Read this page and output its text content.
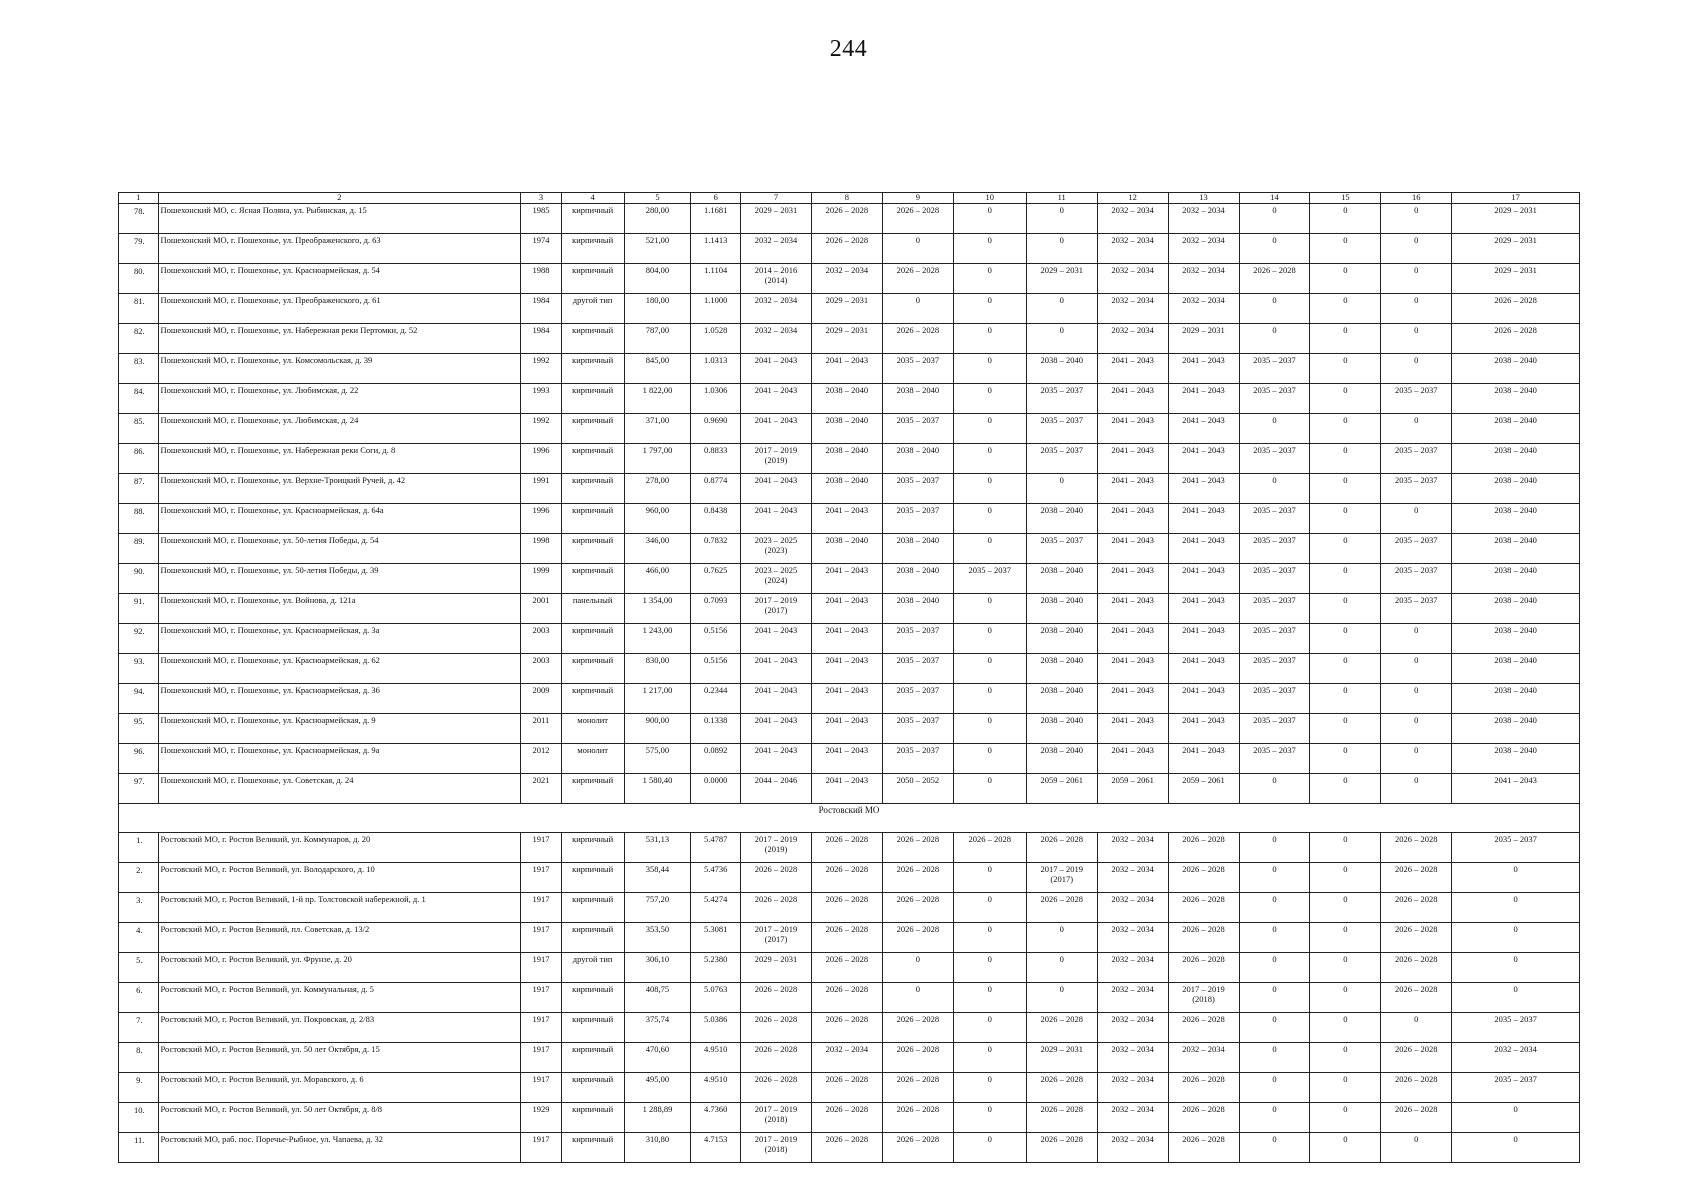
244
1	2	3	4	5	6	7	8	9	10	11	12	13	14	15	16	17
78.	Пошехонский МО, с. Ясная Поляна, ул. Рыбинская, д. 15	1985	кирпичный	280,00	1.1681	2029 – 2031	2026 – 2028	2026 – 2028	0	0	2032 – 2034	2032 – 2034	0	0	0	2029 – 2031
79.	Пошехонский МО, г. Пошехонье, ул. Преображенского, д. 63	1974	кирпичный	521,00	1.1413	2032 – 2034	2026 – 2028	0	0	0	2032 – 2034	2032 – 2034	0	0	0	2029 – 2031
80.	Пошехонский МО, г. Пошехонье, ул. Красноармейская, д. 54	1988	кирпичный	804,00	1.1104	2014 – 2016
(2014)	2032 – 2034	2026 – 2028	0	2029 – 2031	2032 – 2034	2032 – 2034	2026 – 2028	0	0	2029 – 2031
81.	Пошехонский МО, г. Пошехонье, ул. Преображенского, д. 61	1984	другой тип	180,00	1.1000	2032 – 2034	2029 – 2031	0	0	0	2032 – 2034	2032 – 2034	0	0	0	2026 – 2028
82.	Пошехонский МО, г. Пошехонье, ул. Набережная реки Пертомки, д. 52	1984	кирпичный	787,00	1.0528	2032 – 2034	2029 – 2031	2026 – 2028	0	0	2032 – 2034	2029 – 2031	0	0	0	2026 – 2028
83.	Пошехонский МО, г. Пошехонье, ул. Комсомольская, д. 39	1992	кирпичный	845,00	1.0313	2041 – 2043	2041 – 2043	2035 – 2037	0	2038 – 2040	2041 – 2043	2041 – 2043	2035 – 2037	0	0	2038 – 2040
84.	Пошехонский МО, г. Пошехонье, ул. Любимская, д. 22	1993	кирпичный	1 822,00	1.0306	2041 – 2043	2038 – 2040	2038 – 2040	0	2035 – 2037	2041 – 2043	2041 – 2043	2035 – 2037	0	2035 – 2037	2038 – 2040
85.	Пошехонский МО, г. Пошехонье, ул. Любимская, д. 24	1992	кирпичный	371,00	0.9690	2041 – 2043	2038 – 2040	2035 – 2037	0	2035 – 2037	2041 – 2043	2041 – 2043	0	0	0	2038 – 2040
86.	Пошехонский МО, г. Пошехонье, ул. Набережная реки Соги, д. 8	1996	кирпичный	1 797,00	0.8833	2017 – 2019
(2019)	2038 – 2040	2038 – 2040	0	2035 – 2037	2041 – 2043	2041 – 2043	2035 – 2037	0	2035 – 2037	2038 – 2040
87.	Пошехонский МО, г. Пошехонье, ул. Верхне-Троицкий Ручей, д. 42	1991	кирпичный	278,00	0.8774	2041 – 2043	2038 – 2040	2035 – 2037	0	0	2041 – 2043	2041 – 2043	0	0	2035 – 2037	2038 – 2040
88.	Пошехонский МО, г. Пошехонье, ул. Красноармейская, д. 64а	1996	кирпичный	960,00	0.8438	2041 – 2043	2041 – 2043	2035 – 2037	0	2038 – 2040	2041 – 2043	2041 – 2043	2035 – 2037	0	0	2038 – 2040
89.	Пошехонский МО, г. Пошехонье, ул. 50-летия Победы, д. 54	1998	кирпичный	346,00	0.7832	2023 – 2025
(2023)	2038 – 2040	2038 – 2040	0	2035 – 2037	2041 – 2043	2041 – 2043	2035 – 2037	0	2035 – 2037	2038 – 2040
90.	Пошехонский МО, г. Пошехонье, ул. 50-летия Победы, д. 39	1999	кирпичный	466,00	0.7625	2023 – 2025
(2024)	2041 – 2043	2038 – 2040	2035 – 2037	2038 – 2040	2041 – 2043	2041 – 2043	2035 – 2037	0	2035 – 2037	2038 – 2040
91.	Пошехонский МО, г. Пошехонье, ул. Войнова, д. 121а	2001	панельный	1 354,00	0.7093	2017 – 2019
(2017)	2041 – 2043	2038 – 2040	0	2038 – 2040	2041 – 2043	2041 – 2043	2035 – 2037	0	2035 – 2037	2038 – 2040
92.	Пошехонский МО, г. Пошехонье, ул. Красноармейская, д. 3а	2003	кирпичный	1 243,00	0.5156	2041 – 2043	2041 – 2043	2035 – 2037	0	2038 – 2040	2041 – 2043	2041 – 2043	2035 – 2037	0	0	2038 – 2040
93.	Пошехонский МО, г. Пошехонье, ул. Красноармейская, д. 62	2003	кирпичный	830,00	0.5156	2041 – 2043	2041 – 2043	2035 – 2037	0	2038 – 2040	2041 – 2043	2041 – 2043	2035 – 2037	0	0	2038 – 2040
94.	Пошехонский МО, г. Пошехонье, ул. Красноармейская, д. 36	2009	кирпичный	1 217,00	0.2344	2041 – 2043	2041 – 2043	2035 – 2037	0	2038 – 2040	2041 – 2043	2041 – 2043	2035 – 2037	0	0	2038 – 2040
95.	Пошехонский МО, г. Пошехонье, ул. Красноармейская, д. 9	2011	монолит	900,00	0.1338	2041 – 2043	2041 – 2043	2035 – 2037	0	2038 – 2040	2041 – 2043	2041 – 2043	2035 – 2037	0	0	2038 – 2040
96.	Пошехонский МО, г. Пошехонье, ул. Красноармейская, д. 9а	2012	монолит	575,00	0.0892	2041 – 2043	2041 – 2043	2035 – 2037	0	2038 – 2040	2041 – 2043	2041 – 2043	2035 – 2037	0	0	2038 – 2040
97.	Пошехонский МО, г. Пошехонье, ул. Советская, д. 24	2021	кирпичный	1 580,40	0.0000	2044 – 2046	2041 – 2043	2050 – 2052	0	2059 – 2061	2059 – 2061	2059 – 2061	0	0	0	2041 – 2043
Ростовский МО																
1.	Ростовский МО, г. Ростов Великий, ул. Коммунаров, д. 20	1917	кирпичный	531,13	5.4787	2017 – 2019
(2019)	2026 – 2028	2026 – 2028	2026 – 2028	2026 – 2028	2032 – 2034	2026 – 2028	0	0	2026 – 2028	2035 – 2037
2.	Ростовский МО, г. Ростов Великий, ул. Володарского, д. 10	1917	кирпичный	358,44	5.4736	2026 – 2028	2026 – 2028	2026 – 2028	0	2017 – 2019
(2017)	2032 – 2034	2026 – 2028	0	0	2026 – 2028	0
3.	Ростовский МО, г. Ростов Великий, 1-й пр. Толстовской набережной, д. 1	1917	кирпичный	757,20	5.4274	2026 – 2028	2026 – 2028	2026 – 2028	0	2026 – 2028	2032 – 2034	2026 – 2028	0	0	2026 – 2028	0
4.	Ростовский МО, г. Ростов Великий, пл. Советская, д. 13/2	1917	кирпичный	353,50	5.3081	2017 – 2019
(2017)	2026 – 2028	2026 – 2028	0	0	2032 – 2034	2026 – 2028	0	0	2026 – 2028	0
5.	Ростовский МО, г. Ростов Великий, ул. Фрунзе, д. 20	1917	другой тип	306,10	5.2380	2029 – 2031	2026 – 2028	0	0	0	2032 – 2034	2026 – 2028	0	0	2026 – 2028	0
6.	Ростовский МО, г. Ростов Великий, ул. Коммунальная, д. 5	1917	кирпичный	408,75	5.0763	2026 – 2028	2026 – 2028	0	0	0	2032 – 2034	2017 – 2019
(2018)	0	0	2026 – 2028	0
7.	Ростовский МО, г. Ростов Великий, ул. Покровская, д. 2/83	1917	кирпичный	375,74	5.0386	2026 – 2028	2026 – 2028	2026 – 2028	0	2026 – 2028	2032 – 2034	2026 – 2028	0	0	0	2035 – 2037
8.	Ростовский МО, г. Ростов Великий, ул. 50 лет Октября, д. 15	1917	кирпичный	470,60	4.9510	2026 – 2028	2032 – 2034	2026 – 2028	0	2029 – 2031	2032 – 2034	2032 – 2034	0	0	2026 – 2028	2032 – 2034
9.	Ростовский МО, г. Ростов Великий, ул. Моравского, д. 6	1917	кирпичный	495,00	4.9510	2026 – 2028	2026 – 2028	2026 – 2028	0	2026 – 2028	2032 – 2034	2026 – 2028	0	0	2026 – 2028	2035 – 2037
10.	Ростовский МО, г. Ростов Великий, ул. 50 лет Октября, д. 8/8	1929	кирпичный	1 288,89	4.7360	2017 – 2019
(2018)	2026 – 2028	2026 – 2028	0	2026 – 2028	2032 – 2034	2026 – 2028	0	0	2026 – 2028	0
11.	Ростовский МО, раб. пос. Поречье-Рыбное, ул. Чапаева, д. 32	1917	кирпичный	310,80	4.7153	2017 – 2019
(2018)	2026 – 2028	2026 – 2028	0	2026 – 2028	2032 – 2034	2026 – 2028	0	0	0	0
